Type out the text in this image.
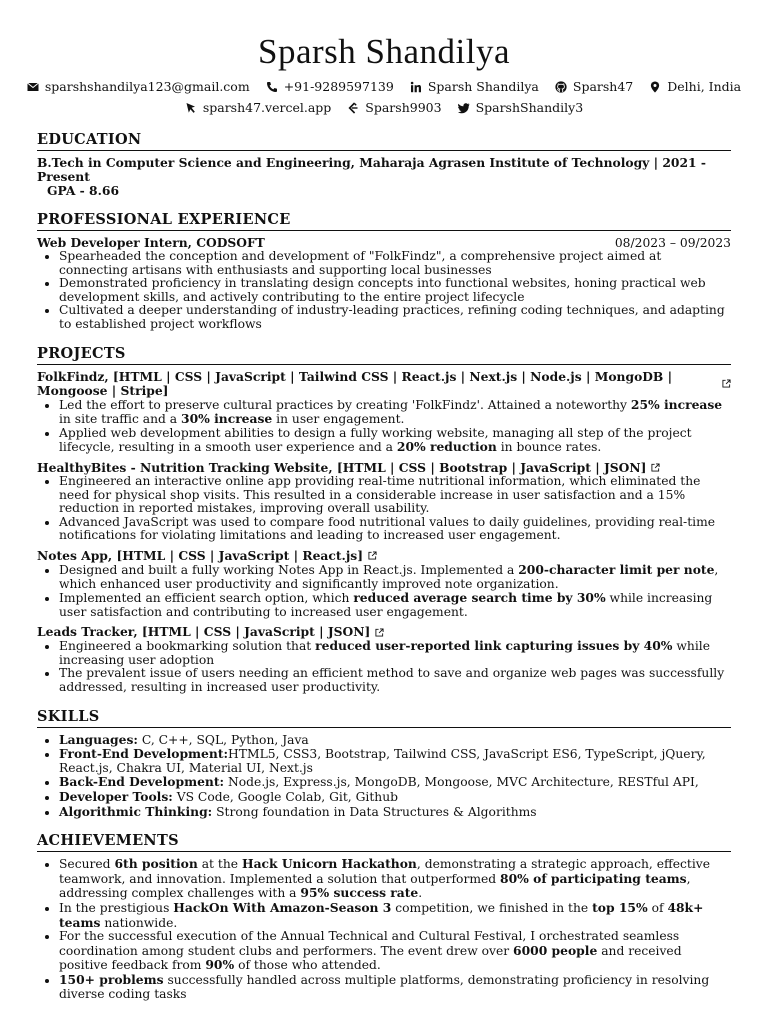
Sparsh Shandilya
sparshshandilya123@gmail.com	+91-9289597139	Sparsh Shandilya	Sparsh47	Delhi, India
sparsh47.vercel.app	Sparsh9903	SparshShandily3
EDUCATION
B.Tech in Computer Science and Engineering, Maharaja Agrasen Institute of Technology | 2021 - Present
GPA - 8.66
PROFESSIONAL EXPERIENCE
Web Developer Intern, CODSOFT	08/2023 – 09/2023
• Spearheaded the conception and development of "FolkFindz", a comprehensive project aimed at connecting artisans with enthusiasts and supporting local businesses
• Demonstrated proficiency in translating design concepts into functional websites, honing practical web development skills, and actively contributing to the entire project lifecycle
• Cultivated a deeper understanding of industry-leading practices, refining coding techniques, and adapting to established project workflows
PROJECTS
FolkFindz, [HTML | CSS | JavaScript | Tailwind CSS | React.js | Next.js | Node.js | MongoDB | Mongoose | Stripe]
• Led the effort to preserve cultural practices by creating 'FolkFindz'. Attained a noteworthy 25% increase in site traffic and a 30% increase in user engagement.
• Applied web development abilities to design a fully working website, managing all step of the project lifecycle, resulting in a smooth user experience and a 20% reduction in bounce rates.
HealthyBites - Nutrition Tracking Website, [HTML | CSS | Bootstrap | JavaScript | JSON]
• Engineered an interactive online app providing real-time nutritional information, which eliminated the need for physical shop visits. This resulted in a considerable increase in user satisfaction and a 15% reduction in reported mistakes, improving overall usability.
• Advanced JavaScript was used to compare food nutritional values to daily guidelines, providing real-time notifications for violating limitations and leading to increased user engagement.
Notes App, [HTML | CSS | JavaScript | React.js]
• Designed and built a fully working Notes App in React.js. Implemented a 200-character limit per note, which enhanced user productivity and significantly improved note organization.
• Implemented an efficient search option, which reduced average search time by 30% while increasing user satisfaction and contributing to increased user engagement.
Leads Tracker, [HTML | CSS | JavaScript | JSON]
• Engineered a bookmarking solution that reduced user-reported link capturing issues by 40% while increasing user adoption
• The prevalent issue of users needing an efficient method to save and organize web pages was successfully addressed, resulting in increased user productivity.
SKILLS
• Languages: C, C++, SQL, Python, Java
• Front-End Development:HTML5, CSS3, Bootstrap, Tailwind CSS, JavaScript ES6, TypeScript, jQuery, React.js, Chakra UI, Material UI, Next.js
• Back-End Development: Node.js, Express.js, MongoDB, Mongoose, MVC Architecture, RESTful API,
• Developer Tools: VS Code, Google Colab, Git, Github
• Algorithmic Thinking: Strong foundation in Data Structures & Algorithms
ACHIEVEMENTS
• Secured 6th position at the Hack Unicorn Hackathon, demonstrating a strategic approach, effective teamwork, and innovation. Implemented a solution that outperformed 80% of participating teams, addressing complex challenges with a 95% success rate.
• In the prestigious HackOn With Amazon-Season 3 competition, we finished in the top 15% of 48k+ teams nationwide.
• For the successful execution of the Annual Technical and Cultural Festival, I orchestrated seamless coordination among student clubs and performers. The event drew over 6000 people and received positive feedback from 90% of those who attended.
• 150+ problems successfully handled across multiple platforms, demonstrating proficiency in resolving diverse coding tasks
